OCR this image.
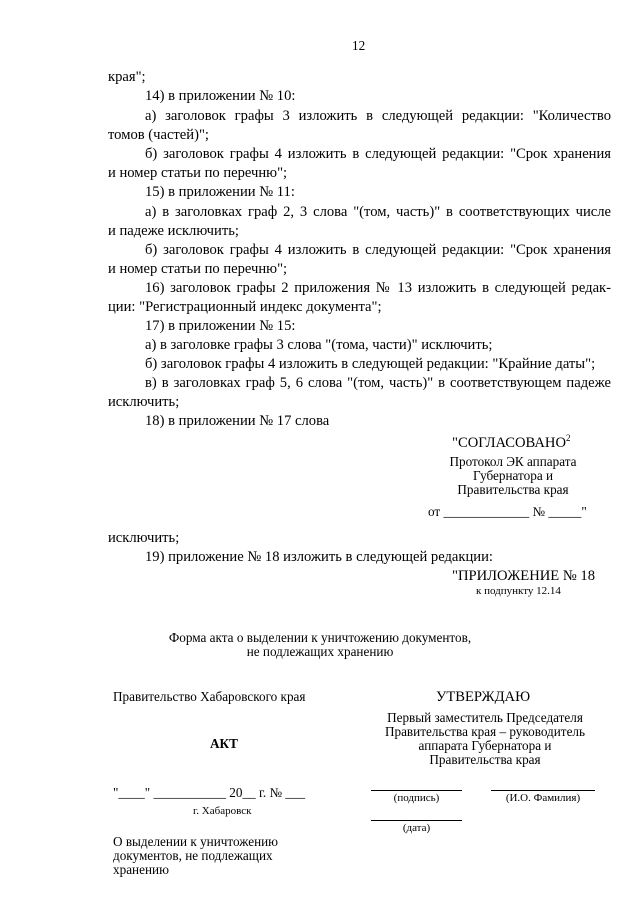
12
края";
14) в приложении № 10:
а) заголовок графы 3 изложить в следующей редакции: "Количество
томов (частей)";
б) заголовок графы 4 изложить в следующей редакции: "Срок хранения
и номер статьи по перечню";
15) в приложении № 11:
а) в заголовках граф 2, 3 слова "(том, часть)" в соответствующих числе
и падеже исключить;
б) заголовок графы 4 изложить в следующей редакции: "Срок хранения
и номер статьи по перечню";
16) заголовок графы 2 приложения № 13 изложить в следующей редак-
ции: "Регистрационный индекс документа";
17) в приложении № 15:
а) в заголовке графы 3 слова "(тома, части)" исключить;
б) заголовок графы 4 изложить в следующей редакции: "Крайние даты";
в) в заголовках граф 5, 6 слова "(том, часть)" в соответствующем падеже
исключить;
18) в приложении № 17 слова
"СОГЛАСОВАНО$^2$
Протокол ЭК аппарата
Губернатора и
Правительства края
от _____________ № _____"
исключить;
19) приложение № 18 изложить в следующей редакции:
"ПРИЛОЖЕНИЕ № 18
к подпункту 12.14
Форма акта о выделении к уничтожению документов,
не подлежащих хранению
Правительство Хабаровского края
АКТ
"____" ___________ 20__ г. № ___
г. Хабаровск
О выделении к уничтожению
документов, не подлежащих
хранению
УТВЕРЖДАЮ
Первый заместитель Председателя
Правительства края – руководитель
аппарата Губернатора и
Правительства края
(подпись)	(И.О. Фамилия)
(дата)
